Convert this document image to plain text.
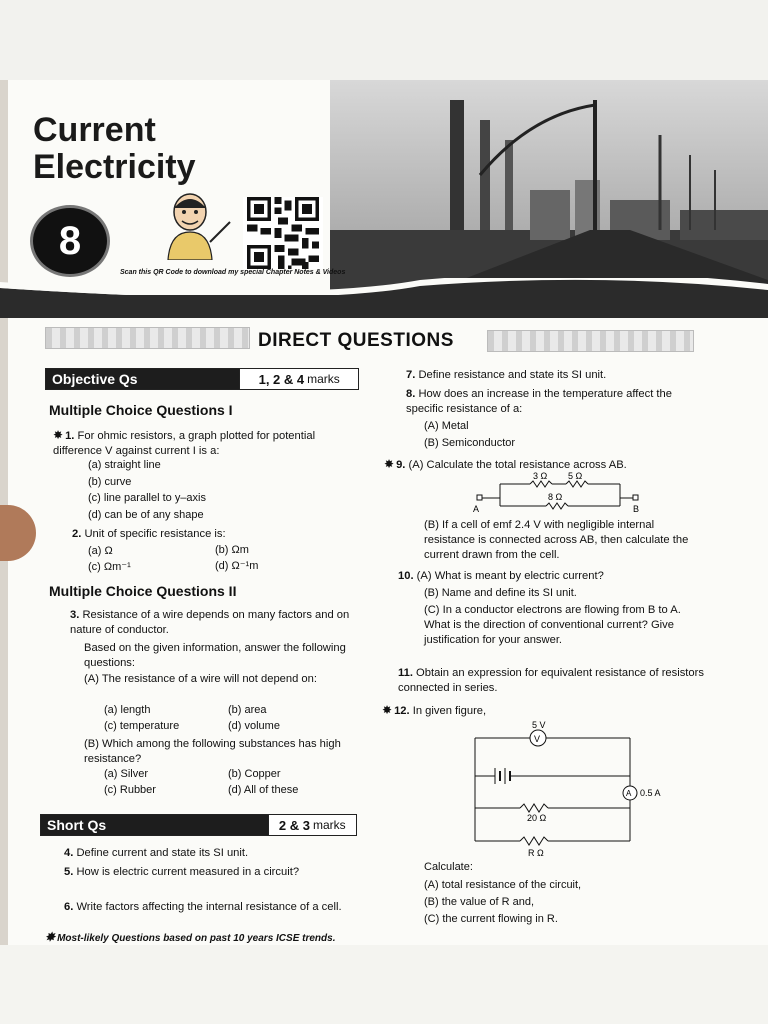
Current
Electricity
8
Scan this QR Code to download my special Chapter Notes & Videos
DIRECT QUESTIONS
Objective Qs	1, 2 & 4 marks
Multiple Choice Questions I
✸ 1. For ohmic resistors, a graph plotted for potential difference V against current I is a:
(a) straight line
(b) curve
(c) line parallel to y–axis
(d) can be of any shape
2. Unit of specific resistance is:
(a) Ω	(b) Ωm
(c) Ωm⁻¹	(d) Ω⁻¹m
Multiple Choice Questions II
3. Resistance of a wire depends on many factors and on nature of conductor.
Based on the given information, answer the following questions:
(A) The resistance of a wire will not depend on:
(a) length	(b) area
(c) temperature	(d) volume
(B) Which among the following substances has high resistance?
(a) Silver	(b) Copper
(c) Rubber	(d) All of these
Short Qs	2 & 3 marks
4. Define current and state its SI unit.
5. How is electric current measured in a circuit?
6. Write factors affecting the internal resistance of a cell.
✸ Most-likely Questions based on past 10 years ICSE trends.
7. Define resistance and state its SI unit.
8. How does an increase in the temperature affect the specific resistance of a:
(A) Metal
(B) Semiconductor
✸ 9. (A) Calculate the total resistance across AB.
3 Ω 5 Ω
8 Ω
A	B
(B) If a cell of emf 2.4 V with negligible internal resistance is connected across AB, then calculate the current drawn from the cell.
10. (A) What is meant by electric current?
(B) Name and define its SI unit.
(C) In a conductor electrons are flowing from B to A. What is the direction of conventional current? Give justification for your answer.
11. Obtain an expression for equivalent resistance of resistors connected in series.
✸ 12. In given figure,
5 V
V
A 0.5 A
20 Ω
R Ω
Calculate:
(A) total resistance of the circuit,
(B) the value of R and,
(C) the current flowing in R.
